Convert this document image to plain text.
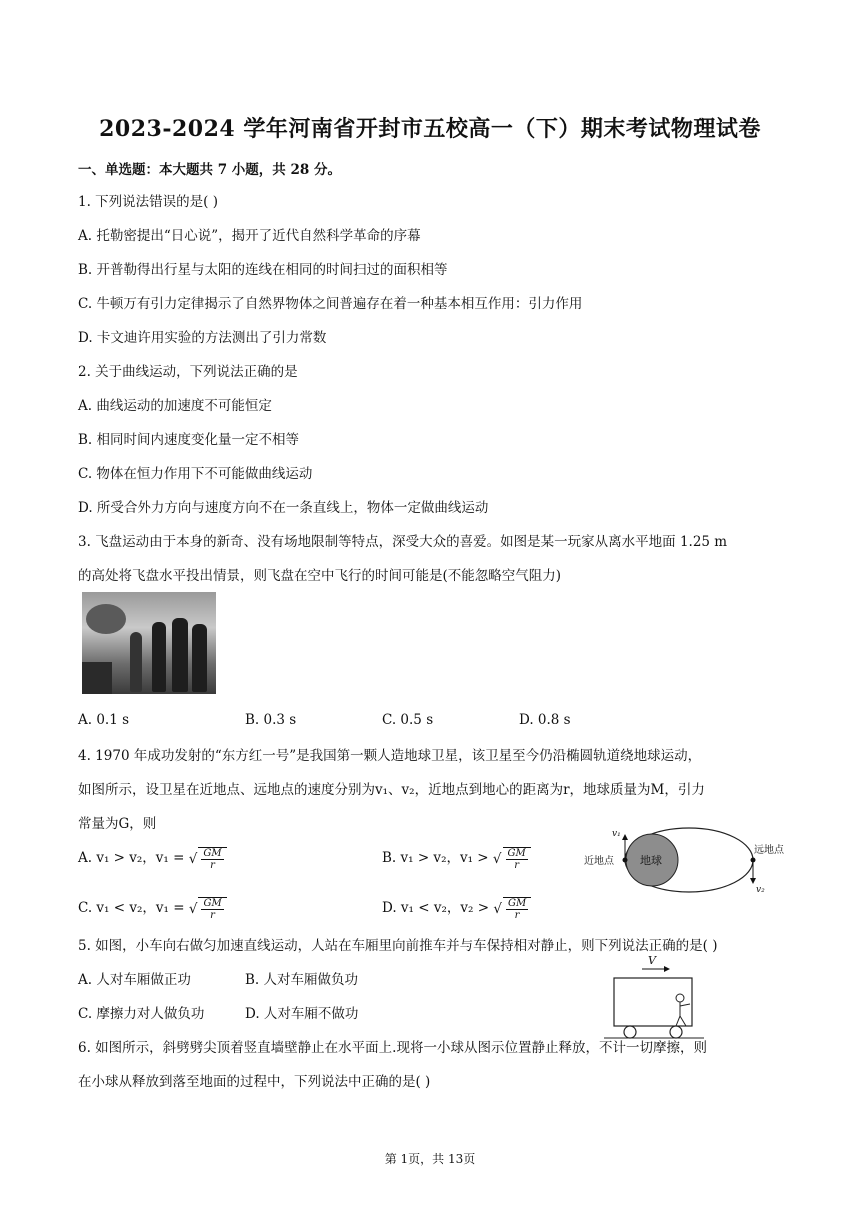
2023-2024 学年河南省开封市五校高一（下）期末考试物理试卷
一、单选题：本大题共 7 小题，共 28 分。
1. 下列说法错误的是( )
A. 托勒密提出“日心说”，揭开了近代自然科学革命的序幕
B. 开普勒得出行星与太阳的连线在相同的时间扫过的面积相等
C. 牛顿万有引力定律揭示了自然界物体之间普遍存在着一种基本相互作用：引力作用
D. 卡文迪许用实验的方法测出了引力常数
2. 关于曲线运动，下列说法正确的是
A. 曲线运动的加速度不可能恒定
B. 相同时间内速度变化量一定不相等
C. 物体在恒力作用下不可能做曲线运动
D. 所受合外力方向与速度方向不在一条直线上，物体一定做曲线运动
3. 飞盘运动由于本身的新奇、没有场地限制等特点，深受大众的喜爱。如图是某一玩家从离水平地面 1.25 m
的高处将飞盘水平投出情景，则飞盘在空中飞行的时间可能是(不能忽略空气阻力)
A. 0.1 s	B. 0.3 s	C. 0.5 s	D. 0.8 s
4. 1970 年成功发射的“东方红一号”是我国第一颗人造地球卫星，该卫星至今仍沿椭圆轨道绕地球运动，
如图所示，设卫星在近地点、远地点的速度分别为v₁、v₂，近地点到地心的距离为r，地球质量为M，引力
常量为G，则
A. v₁ > v₂，v₁ = √ $\frac{GM}{r}$	B. v₁ > v₂，v₁ > √ $\frac{GM}{r}$
C. v₁ < v₂，v₁ = √ $\frac{GM}{r}$	D. v₁ < v₂，v₂ > √ $\frac{GM}{r}$
地球
近地点
远地点
v₁
v₂
5. 如图，小车向右做匀加速直线运动，人站在车厢里向前推车并与车保持相对静止，则下列说法正确的是( )
A. 人对车厢做正功	B. 人对车厢做负功
C. 摩擦力对人做负功	D. 人对车厢不做功
V
6. 如图所示，斜劈劈尖顶着竖直墙壁静止在水平面上.现将一小球从图示位置静止释放，不计一切摩擦，则
在小球从释放到落至地面的过程中，下列说法中正确的是( )
第 1页，共 13页
